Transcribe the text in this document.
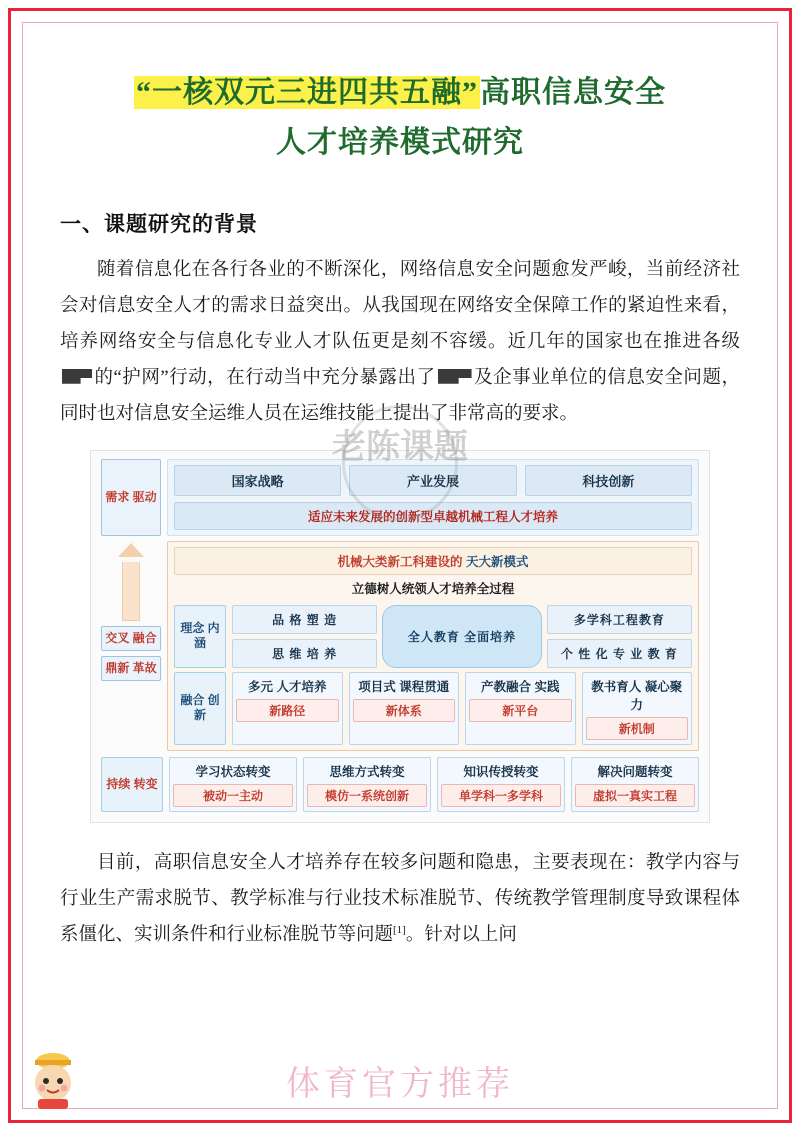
“一核双元三进四共五融”高职信息安全
人才培养模式研究
一、课题研究的背景
随着信息化在各行各业的不断深化，网络信息安全问题愈发严峻，当前经济社会对信息安全人才的需求日益突出。从我国现在网络安全保障工作的紧迫性来看，培养网络安全与信息化专业人才队伍更是刻不容缓。近几年的国家也在推进各级的“护网”行动，在行动当中充分暴露出了 及企事业单位的信息安全问题，同时也对信息安全运维人员在运维技能上提出了非常高的要求。
老陈课题
需求 驱动
国家战略	产业发展	科技创新
适应未来发展的创新型卓越机械工程人才培养
交叉 融合
鼎新 革故
机械大类新工科建设的 天大新模式
立德树人统领人才培养全过程
理念 内涵
品 格 塑 造
全人教育 全面培养
多学科工程教育
思 维 培 养	个 性 化 专 业 教 育
融合 创新
多元 人才培养
新路径
项目式 课程贯通
新体系
产教融合 实践
新平台
教书育人 凝心聚力
新机制
持续 转变
学习状态转变
被动一主动
思维方式转变
模仿一系统创新
知识传授转变
单学科一多学科
解决问题转变
虚拟一真实工程
目前，高职信息安全人才培养存在较多问题和隐患，主要表现在：教学内容与行业生产需求脱节、教学标准与行业技术标准脱节、传统教学管理制度导致课程体系僵化、实训条件和行业标准脱节等问题[1]。针对以上问
体育官方推荐
